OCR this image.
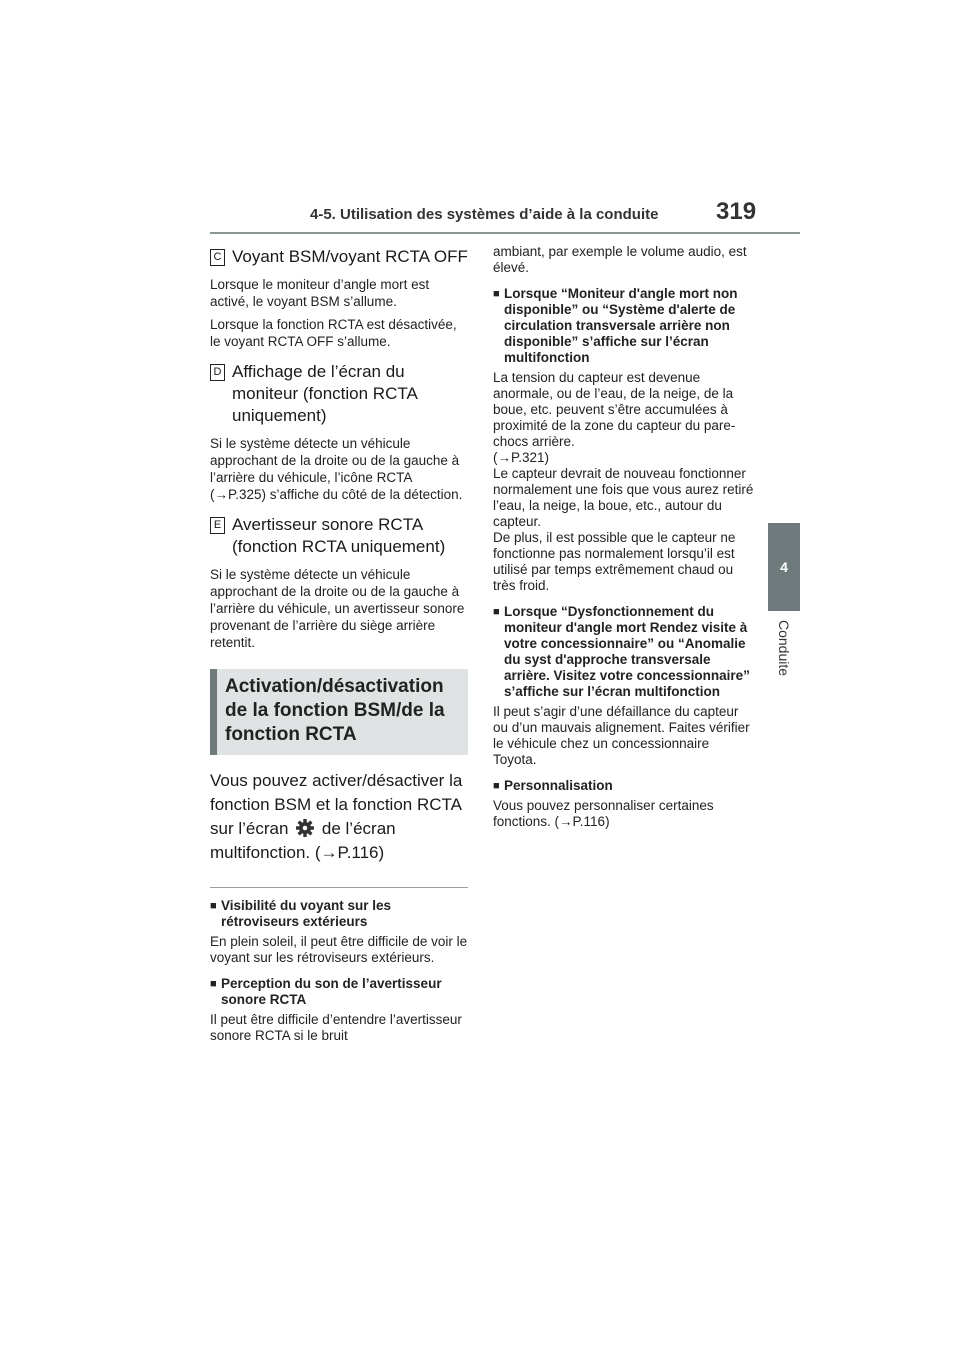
4-5. Utilisation des systèmes d’aide à la conduite 319
4
Conduite
C Voyant BSM/voyant RCTA OFF
Lorsque le moniteur d’angle mort est activé, le voyant BSM s’allume.
Lorsque la fonction RCTA est désactivée, le voyant RCTA OFF s’allume.
D Affichage de l’écran du moniteur (fonction RCTA uniquement)
Si le système détecte un véhicule approchant de la droite ou de la gauche à l’arrière du véhicule, l’icône RCTA (→P.325) s’affiche du côté de la détection.
E Avertisseur sonore RCTA (fonction RCTA uniquement)
Si le système détecte un véhicule approchant de la droite ou de la gauche à l’arrière du véhicule, un avertisseur sonore provenant de l’arrière du siège arrière retentit.
Activation/désactivation de la fonction BSM/de la fonction RCTA
Vous pouvez activer/désactiver la fonction BSM et la fonction RCTA sur l’écran de l’écran multifonction. (→P.116)
■ Visibilité du voyant sur les rétroviseurs extérieurs
En plein soleil, il peut être difficile de voir le voyant sur les rétroviseurs extérieurs.
■ Perception du son de l’avertisseur sonore RCTA
Il peut être difficile d’entendre l’avertisseur sonore RCTA si le bruit
ambiant, par exemple le volume audio, est élevé.
■ Lorsque “Moniteur d'angle mort non disponible” ou “Système d'alerte de circulation transversale arrière non disponible” s’affiche sur l’écran multifonction
La tension du capteur est devenue anormale, ou de l’eau, de la neige, de la boue, etc. peuvent s’être accumulées à proximité de la zone du capteur du pare-chocs arrière.
(→P.321)
Le capteur devrait de nouveau fonctionner normalement une fois que vous aurez retiré l’eau, la neige, la boue, etc., autour du capteur.
De plus, il est possible que le capteur ne fonctionne pas normalement lorsqu’il est utilisé par temps extrêmement chaud ou très froid.
■ Lorsque “Dysfonctionnement du moniteur d'angle mort Rendez visite à votre concessionnaire” ou “Anomalie du syst d'approche transversale arrière. Visitez votre concessionnaire” s’affiche sur l’écran multifonction
Il peut s’agir d’une défaillance du capteur ou d’un mauvais alignement. Faites vérifier le véhicule chez un concessionnaire Toyota.
■ Personnalisation
Vous pouvez personnaliser certaines fonctions. (→P.116)
